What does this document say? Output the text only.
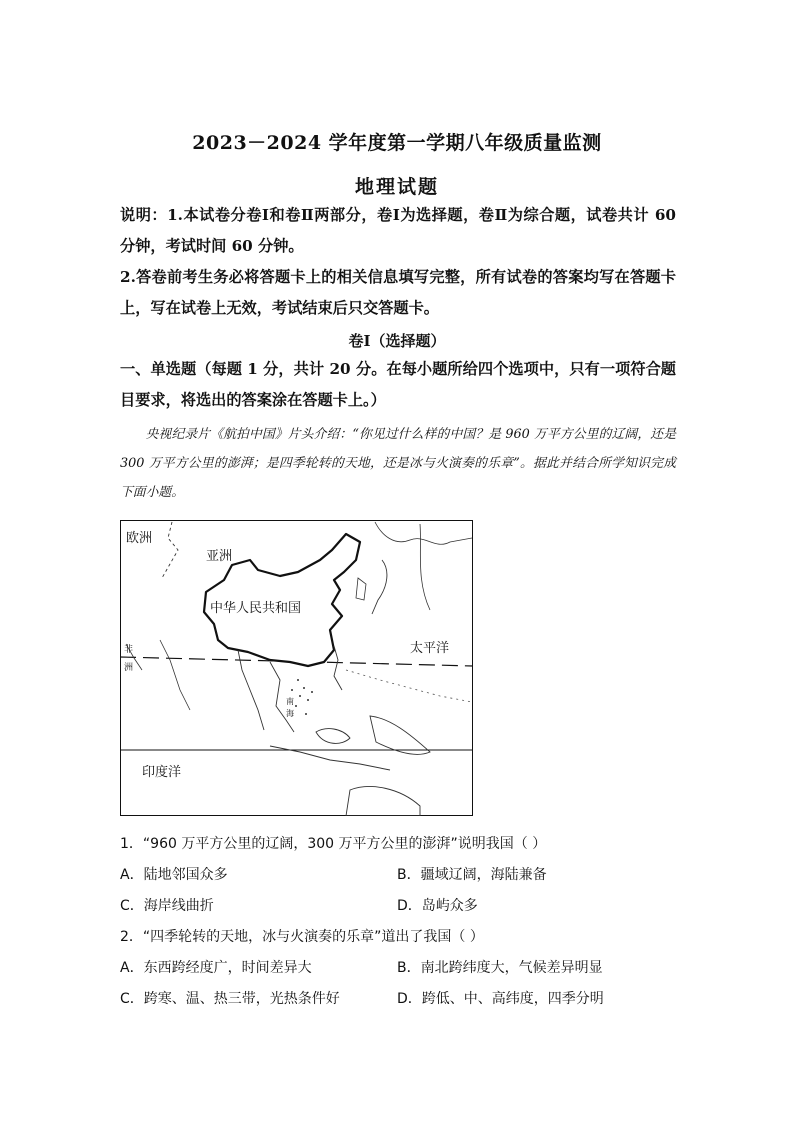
2023－2024 学年度第一学期八年级质量监测
地理试题
说明：1.本试卷分卷Ⅰ和卷Ⅱ两部分，卷Ⅰ为选择题，卷Ⅱ为综合题，试卷共计 60 分钟，考试时间 60 分钟。
2.答卷前考生务必将答题卡上的相关信息填写完整，所有试卷的答案均写在答题卡上，写在试卷上无效，考试结束后只交答题卡。
卷Ⅰ（选择题）
一、单选题（每题 1 分，共计 20 分。在每小题所给四个选项中，只有一项符合题目要求，将选出的答案涂在答题卡上。）
央视纪录片《航拍中国》片头介绍：“你见过什么样的中国？是 960 万平方公里的辽阔，还是 300 万平方公里的澎湃；是四季轮转的天地，还是冰与火演奏的乐章”。据此并结合所学知识完成下面小题。
欧洲
亚洲
中华人民共和国
太平洋
非
洲
南
海
印度洋
1．“960 万平方公里的辽阔，300 万平方公里的澎湃”说明我国（ ）
A．陆地邻国众多	B．疆域辽阔，海陆兼备
C．海岸线曲折	D．岛屿众多
2．“四季轮转的天地，冰与火演奏的乐章”道出了我国（ ）
A．东西跨经度广，时间差异大	B．南北跨纬度大，气候差异明显
C．跨寒、温、热三带，光热条件好	D．跨低、中、高纬度，四季分明
